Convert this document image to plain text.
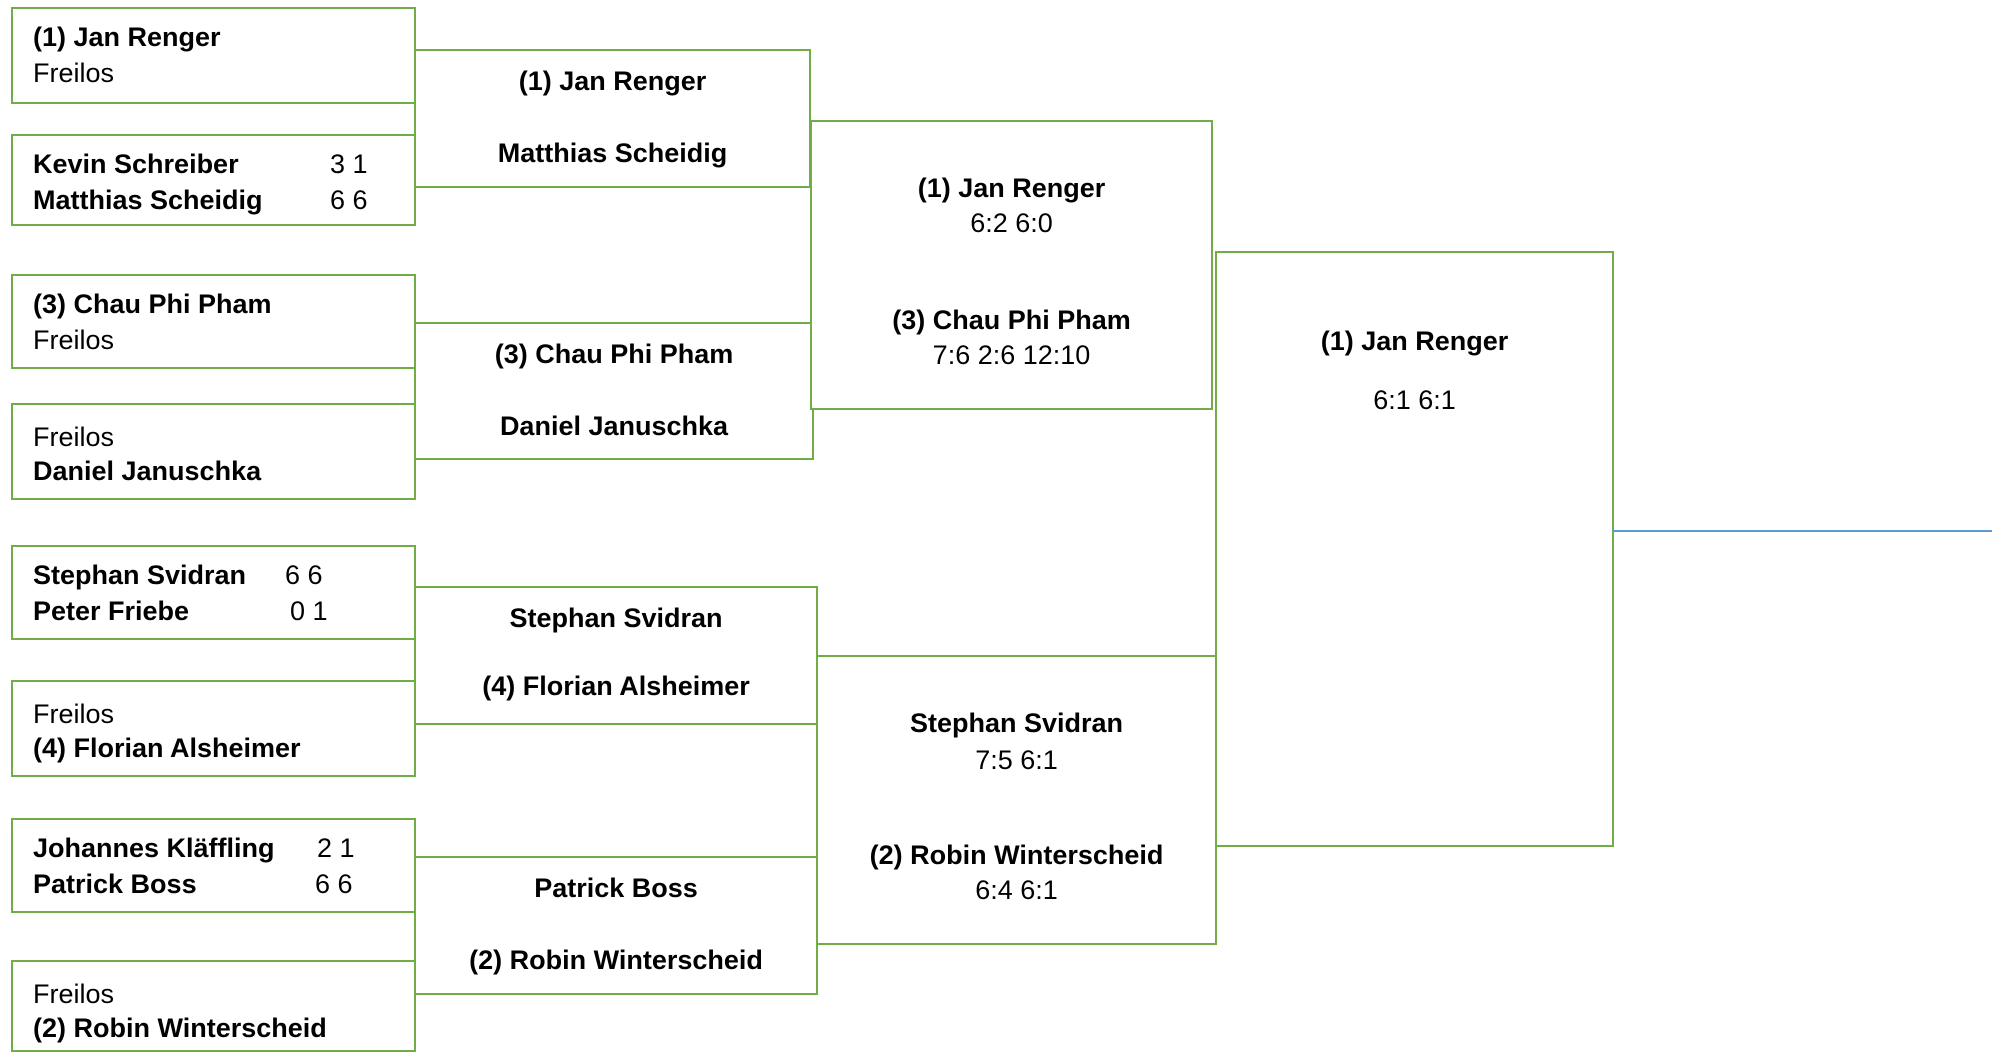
(1) Jan Renger
Freilos
Kevin Schreiber	3 1
Matthias Scheidig 6 6
(3) Chau Phi Pham
Freilos
Freilos
Daniel Januschka
Stephan Svidran 6 6
Peter Friebe	0 1
Freilos
(4) Florian Alsheimer
Johannes Kläffling 2 1
Patrick Boss	6 6
Freilos
(2) Robin Winterscheid
(1) Jan Renger
Matthias Scheidig
(3) Chau Phi Pham
Daniel Januschka
Stephan Svidran
(4) Florian Alsheimer
Patrick Boss
(2) Robin Winterscheid
(1) Jan Renger
6:2 6:0
(3) Chau Phi Pham
7:6 2:6 12:10
Stephan Svidran
7:5 6:1
(2) Robin Winterscheid
6:4 6:1
(1) Jan Renger
6:1 6:1
